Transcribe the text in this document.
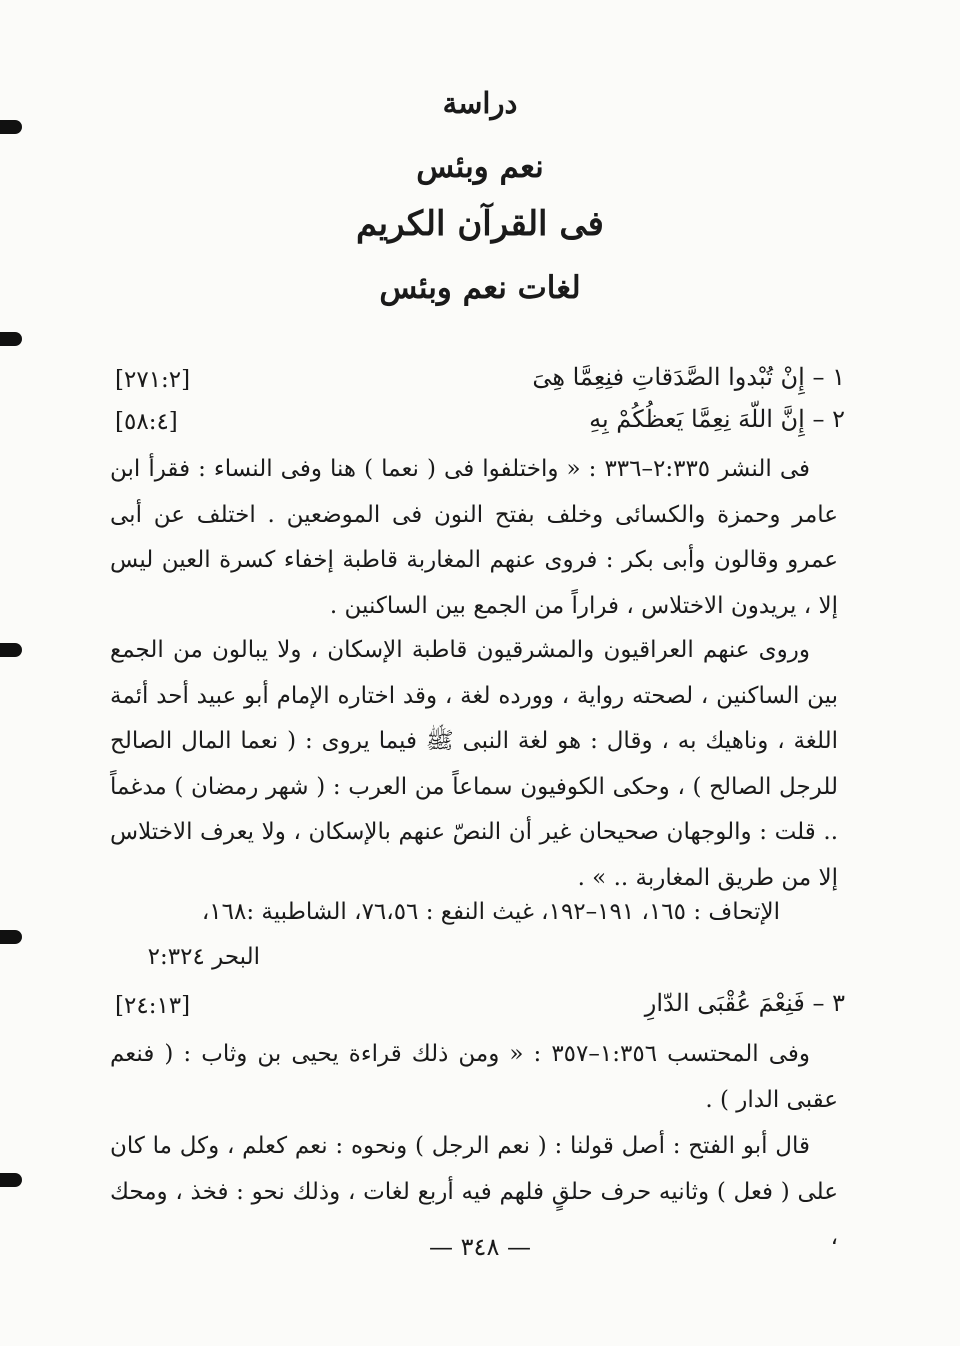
دراسة
نعم وبئس
فى القرآن الكريم
لغات نعم وبئس
١ – إِنْ تُبْدوا الصَّدَقاتِ فنِعِمَّا هِىَ
[٢٧١:٢]
٢ – إِنَّ اللّهَ نِعِمَّا يَعظُكُمْ بِهِ
[٥٨:٤]

فى النشر ٢:٣٣٥–٣٣٦ : « واختلفوا فى ( نعما ) هنا وفى النساء : فقرأ ابن عامر وحمزة والكسائى وخلف بفتح النون فى الموضعين . اختلف عن أبى عمرو وقالون وأبى بكر : فروى عنهم المغاربة قاطبة إخفاء كسرة العين ليس إلا ، يريدون الاختلاس ، فراراً من الجمع بين الساكنين .

وروى عنهم العراقيون والمشرقيون قاطبة الإسكان ، ولا يبالون من الجمع بين الساكنين ، لصحته رواية ، وورده لغة ، وقد اختاره الإمام أبو عبيد أحد أئمة اللغة ، وناهيك به ، وقال : هو لغة النبى ﷺ فيما يروى : ( نعما المال الصالح للرجل الصالح ) ، وحكى الكوفيون سماعاً من العرب : ( شهر رمضان ) مدغماً .. قلت : والوجهان صحيحان غير أن النصّ عنهم بالإسكان ، ولا يعرف الاختلاس إلا من طريق المغاربة .. » .

الإتحاف : ١٦٥، ١٩١–١٩٢، غيث النفع : ٧٦،٥٦، الشاطبية :١٦٨،
البحر ٢:٣٢٤
٣ – فَنِعْمَ عُقْبَى الدّارِ
[٢٤:١٣]

وفى المحتسب ١:٣٥٦–٣٥٧ : « ومن ذلك قراءة يحيى بن وثاب : ( فنعم عقبى الدار ) .

قال أبو الفتح : أصل قولنا : ( نعم الرجل ) ونحوه : نعم كعلم ، وكل ما كان على ( فعل ) وثانيه حرف حلقٍ فلهم فيه أربع لغات ، وذلك نحو : فخذ ، ومحك ،

— ٣٤٨ —
